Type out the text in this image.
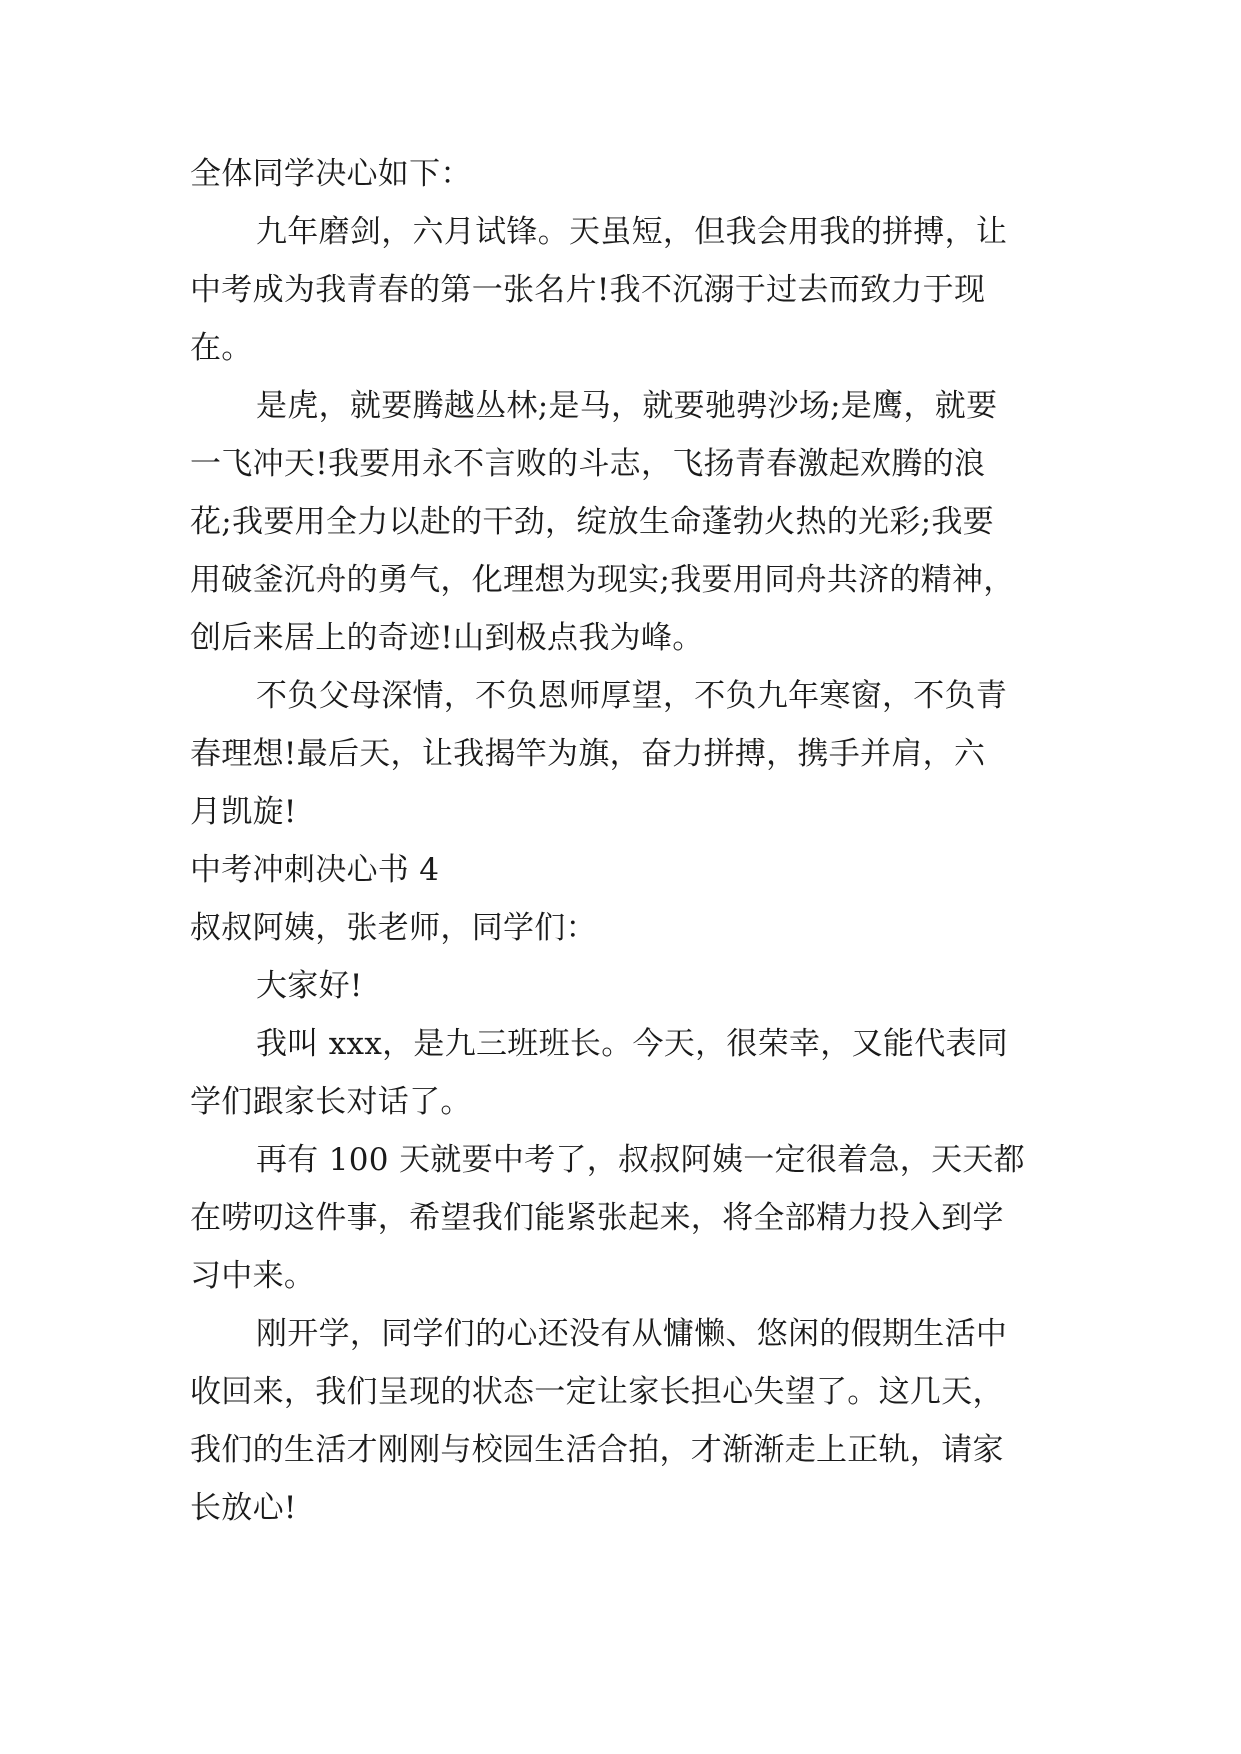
全体同学决心如下：
九年磨剑，六月试锋。天虽短，但我会用我的拼搏，让
中考成为我青春的第一张名片!我不沉溺于过去而致力于现
在。
是虎，就要腾越丛林;是马，就要驰骋沙场;是鹰，就要
一飞冲天!我要用永不言败的斗志，飞扬青春激起欢腾的浪
花;我要用全力以赴的干劲，绽放生命蓬勃火热的光彩;我要
用破釜沉舟的勇气，化理想为现实;我要用同舟共济的精神，
创后来居上的奇迹!山到极点我为峰。
不负父母深情，不负恩师厚望，不负九年寒窗，不负青
春理想!最后天，让我揭竿为旗，奋力拼搏，携手并肩，六
月凯旋!
中考冲刺决心书 4
叔叔阿姨，张老师，同学们：
大家好!
我叫 xxx，是九三班班长。今天，很荣幸，又能代表同
学们跟家长对话了。
再有 100 天就要中考了，叔叔阿姨一定很着急，天天都
在唠叨这件事，希望我们能紧张起来，将全部精力投入到学
习中来。
刚开学，同学们的心还没有从慵懒、悠闲的假期生活中
收回来，我们呈现的状态一定让家长担心失望了。这几天，
我们的生活才刚刚与校园生活合拍，才渐渐走上正轨，请家
长放心!
